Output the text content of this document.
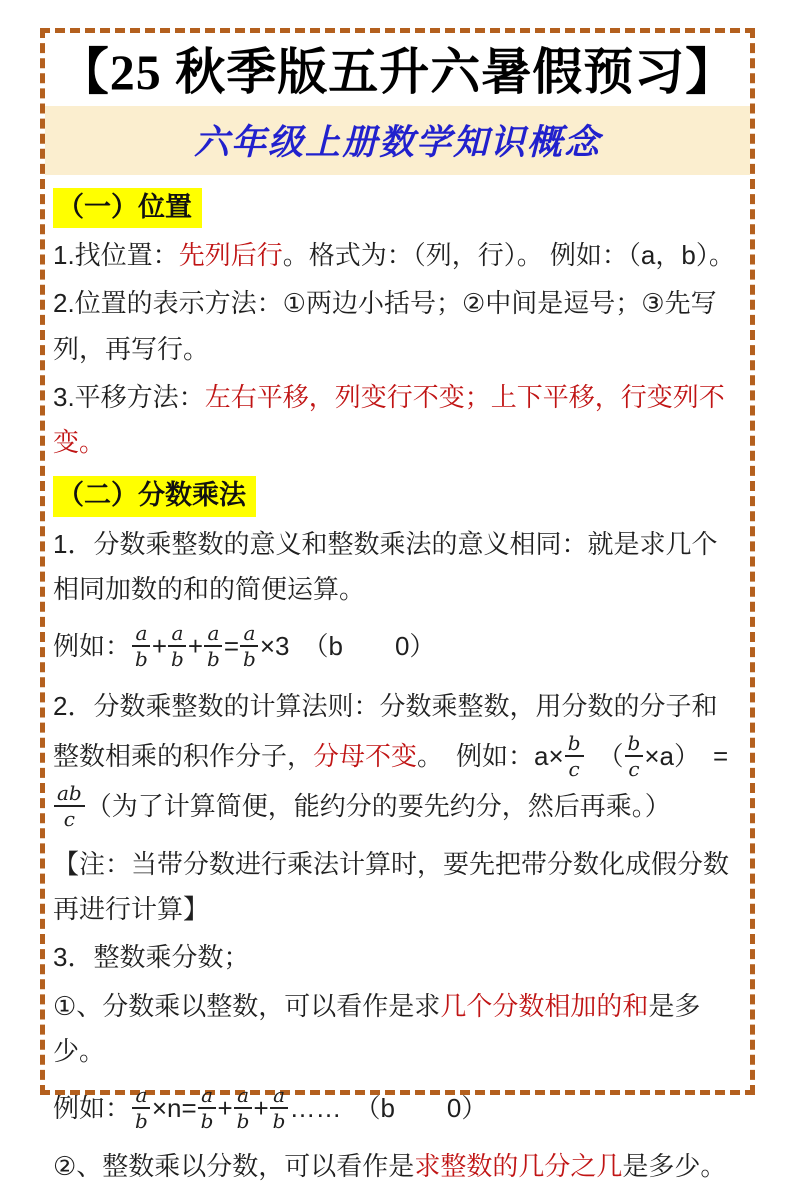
【25 秋季版五升六暑假预习】
六年级上册数学知识概念
（一）位置

1.找位置：先列后行。格式为：（列，行）。 例如：（a，b）。

2.位置的表示方法：①两边小括号；②中间是逗号；③先写列，再写行。

3.平移方法：左右平移，列变行不变；上下平移，行变列不变。

（二）分数乘法

1．分数乘整数的意义和整数乘法的意义相同：就是求几个相同加数的和的简便运算。

例如： $\frac{a}{b} + \frac{a}{b} + \frac{a}{b} = \frac{a}{b} \times 3$　（b　　0）

2．分数乘整数的计算法则：分数乘整数，用分数的分子和整数相乘的积作分子，分母不变。　例如：$a\times \frac{b}{c}$ 　（ $\frac{b}{c} \times a$）　=
$\frac{ab}{c}$ （为了计算简便，能约分的要先约分，然后再乘。）

【注：当带分数进行乘法计算时，要先把带分数化成假分数再进行计算】

3．整数乘分数；

①、分数乘以整数，可以看作是求几个分数相加的和是多少。

例如： $\frac{a}{b} \times n= \frac{a}{b} + \frac{a}{b} + \frac{a}{b}$ ……　（b　　0）

②、整数乘以分数，可以看作是求整数的几分之几是多少。
